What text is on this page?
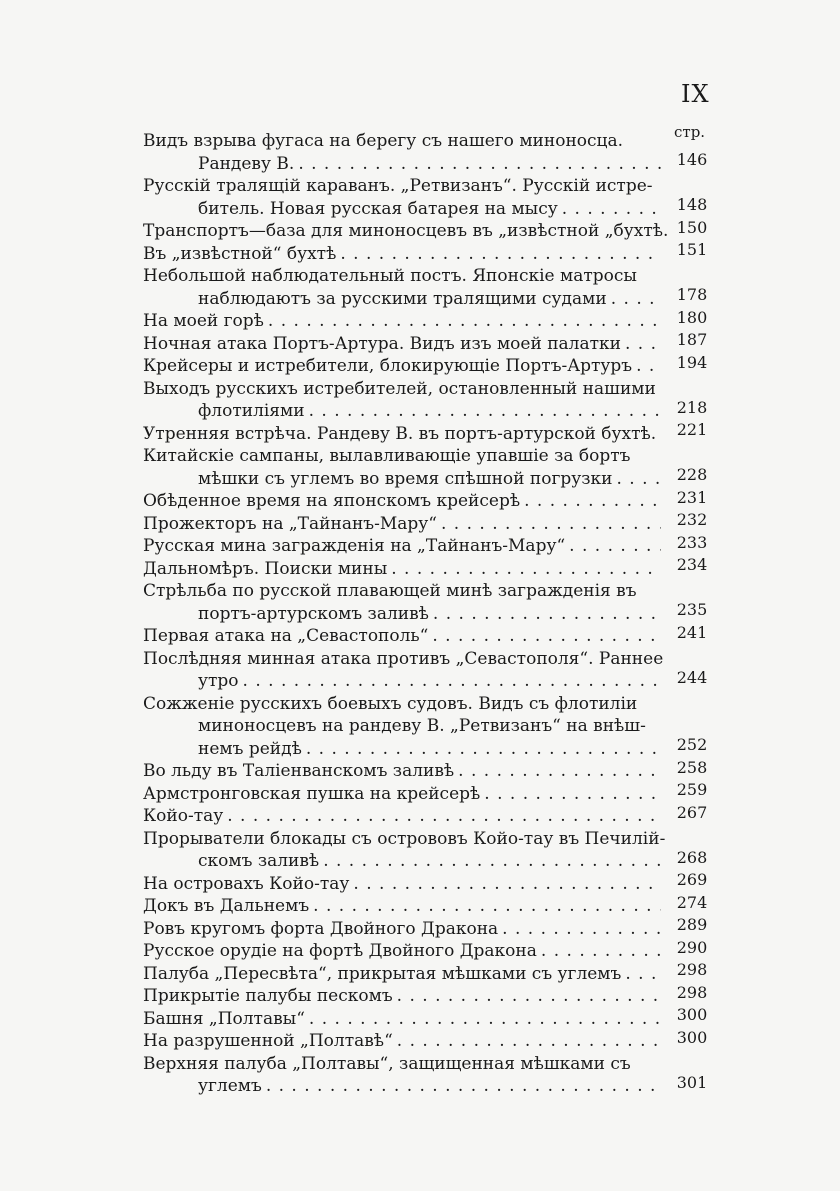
IX
стр.
Видъ взрыва фугаса на берегу съ нашего миноносца.
Рандеву В. . . .	146
Русскій тралящій караванъ. „Ретвизанъ“. Русскій истре-
битель. Новая русская батарея на мысу . . .	148
Транспортъ—база для миноносцевъ въ „извѣстной „бухтѣ. . . . 150
Въ „извѣстной“ бухтѣ . . .	151
Небольшой наблюдательный постъ. Японскіе матросы
наблюдаютъ за русскими тралящими судами . . .	178
На моей горѣ . . .	180
Ночная атака Портъ-Артура. Видъ изъ моей палатки . . .	187
Крейсеры и истребители, блокирующіе Портъ-Артуръ . . .	194
Выходъ русскихъ истребителей, остановленный нашими
флотиліями . . .	218
Утренняя встрѣча. Рандеву В. въ портъ-артурской бухтѣ. . . .	221
Китайскіе сампаны, вылавливающіе упавшіе за бортъ
мѣшки съ углемъ во время спѣшной погрузки . . .	228
Обѣденное время на японскомъ крейсерѣ . . .	231
Прожекторъ на „Тайнанъ-Мару“ . . .	232
Русская мина загражденія на „Тайнанъ-Мару“ . . .	233
Дальномѣръ. Поиски мины . . .	234
Стрѣльба по русской плавающей минѣ загражденія въ
портъ-артурскомъ заливѣ . . .	235
Первая атака на „Севастополь“ . . .	241
Послѣдняя минная атака противъ „Севастополя“. Раннее
утро . . .	244
Сожженіе русскихъ боевыхъ судовъ. Видъ съ флотиліи
миноносцевъ на рандеву В. „Ретвизанъ“ на внѣш-
немъ рейдѣ . . .	252
Во льду въ Таліенванскомъ заливѣ . . .	258
Армстронговская пушка на крейсерѣ . . .	259
Койо-тау . . .	267
Прорыватели блокады съ острововъ Койо-тау въ Печилій-
скомъ заливѣ . . .	268
На островахъ Койо-тау . . .	269
Докъ въ Дальнемъ . . .	274
Ровъ кругомъ форта Двойного Дракона . . .	289
Русское орудіе на фортѣ Двойного Дракона . . .	290
Палуба „Пересвѣта“, прикрытая мѣшками съ углемъ . . .	298
Прикрытіе палубы пескомъ . . .	298
Башня „Полтавы“ . . .	300
На разрушенной „Полтавѣ“ . . .	300
Верхняя палуба „Полтавы“, защищенная мѣшками съ
углемъ . . .	301
